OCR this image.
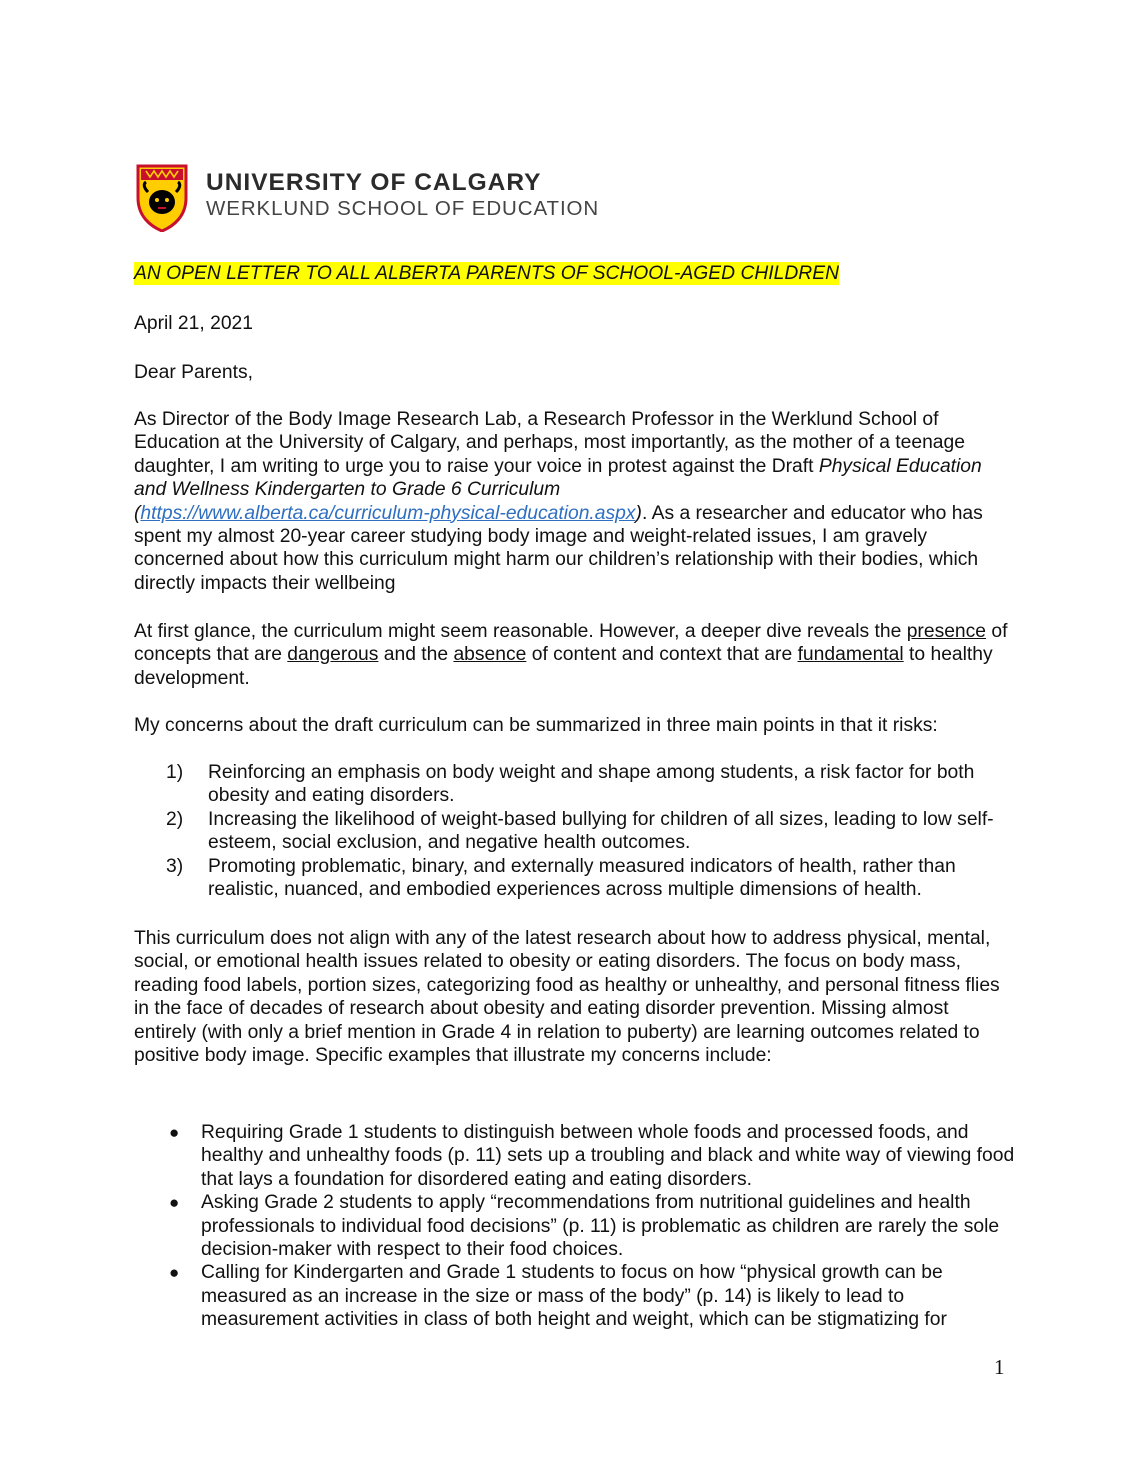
UNIVERSITY OF CALGARY
WERKLUND SCHOOL OF EDUCATION
AN OPEN LETTER TO ALL ALBERTA PARENTS OF SCHOOL-AGED CHILDREN
April 21, 2021
Dear Parents,

As Director of the Body Image Research Lab, a Research Professor in the Werklund School of Education at the University of Calgary, and perhaps, most importantly, as the mother of a teenage daughter, I am writing to urge you to raise your voice in protest against the Draft Physical Education and Wellness Kindergarten to Grade 6 Curriculum
(https://www.alberta.ca/curriculum-physical-education.aspx). As a researcher and educator who has spent my almost 20-year career studying body image and weight-related issues, I am gravely concerned about how this curriculum might harm our children’s relationship with their bodies, which directly impacts their wellbeing

At first glance, the curriculum might seem reasonable. However, a deeper dive reveals the presence of concepts that are dangerous and the absence of content and context that are fundamental to healthy development.

My concerns about the draft curriculum can be summarized in three main points in that it risks:
1) Reinforcing an emphasis on body weight and shape among students, a risk factor for both obesity and eating disorders.
2) Increasing the likelihood of weight-based bullying for children of all sizes, leading to low self-esteem, social exclusion, and negative health outcomes.
3) Promoting problematic, binary, and externally measured indicators of health, rather than realistic, nuanced, and embodied experiences across multiple dimensions of health.

This curriculum does not align with any of the latest research about how to address physical, mental, social, or emotional health issues related to obesity or eating disorders. The focus on body mass, reading food labels, portion sizes, categorizing food as healthy or unhealthy, and personal fitness flies in the face of decades of research about obesity and eating disorder prevention. Missing almost entirely (with only a brief mention in Grade 4 in relation to puberty) are learning outcomes related to positive body image. Specific examples that illustrate my concerns include:

● Requiring Grade 1 students to distinguish between whole foods and processed foods, and healthy and unhealthy foods (p. 11) sets up a troubling and black and white way of viewing food that lays a foundation for disordered eating and eating disorders.
● Asking Grade 2 students to apply “recommendations from nutritional guidelines and health professionals to individual food decisions” (p. 11) is problematic as children are rarely the sole decision-maker with respect to their food choices.
● Calling for Kindergarten and Grade 1 students to focus on how “physical growth can be measured as an increase in the size or mass of the body” (p. 14) is likely to lead to measurement activities in class of both height and weight, which can be stigmatizing for
1
